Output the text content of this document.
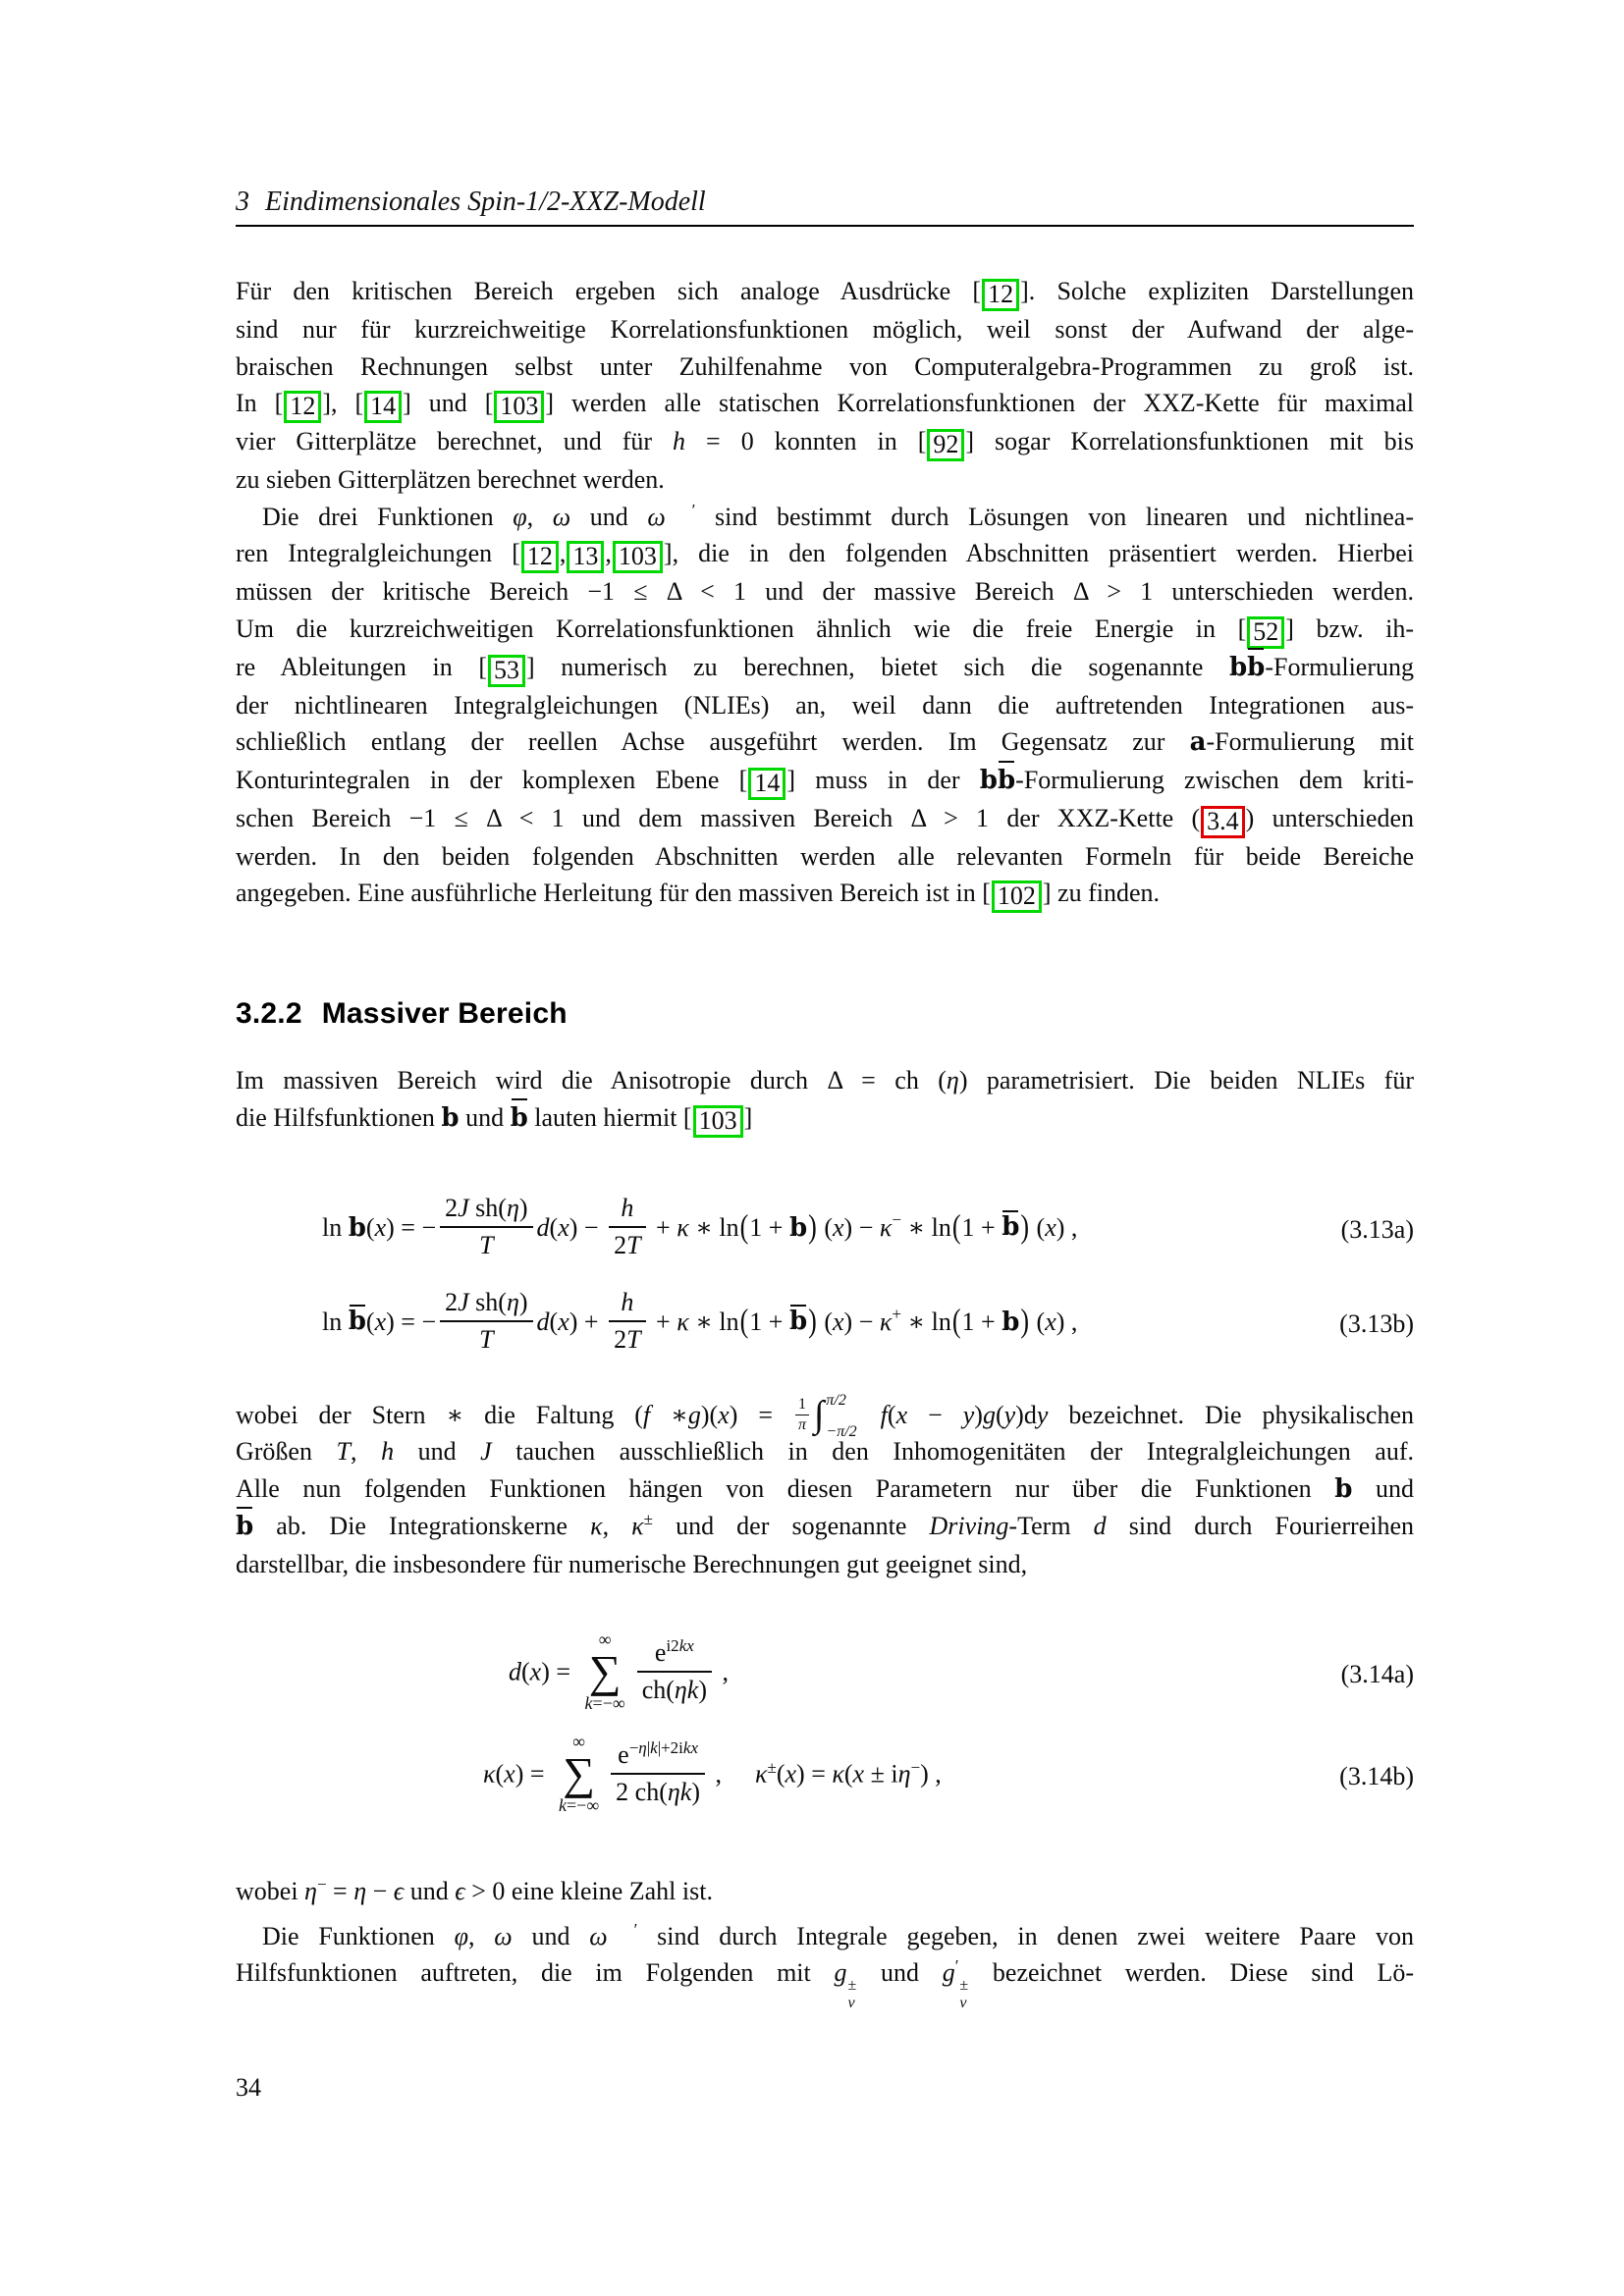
3 Eindimensionales Spin-1/2-XXZ-Modell
Für den kritischen Bereich ergeben sich analoge Ausdrücke [ 12 ]. Solche expliziten Darstellungen
sind nur für kurzreichweitige Korrelationsfunktionen möglich, weil sonst der Aufwand der alge-
braischen Rechnungen selbst unter Zuhilfenahme von Computeralgebra-Programmen zu groß ist.
In [ 12 ], [ 14 ] und [ 103 ] werden alle statischen Korrelationsfunktionen der XXZ-Kette für maximal
vier Gitterplätze berechnet, und für h = 0 konnten in [ 92 ] sogar Korrelationsfunktionen mit bis
zu sieben Gitterplätzen berechnet werden.
Die drei Funktionen φ, ω und ω ′ sind bestimmt durch Lösungen von linearen und nichtlinea-
ren Integralgleichungen [ 12 , 13 , 103 ], die in den folgenden Abschnitten präsentiert werden. Hierbei
müssen der kritische Bereich −1 ≤ Δ < 1 und der massive Bereich Δ > 1 unterschieden werden.
Um die kurzreichweitigen Korrelationsfunktionen ähnlich wie die freie Energie in [ 52 ] bzw. ih-
re Ableitungen in [ 53 ] numerisch zu berechnen, bietet sich die sogenannte bb-Formulierung
der nichtlinearen Integralgleichungen (NLIEs) an, weil dann die auftretenden Integrationen aus-
schließlich entlang der reellen Achse ausgeführt werden. Im Gegensatz zur a-Formulierung mit
Konturintegralen in der komplexen Ebene [ 14 ] muss in der bb-Formulierung zwischen dem kriti-
schen Bereich −1 ≤ Δ < 1 und dem massiven Bereich Δ > 1 der XXZ-Kette ( 3.4 ) unterschieden
werden. In den beiden folgenden Abschnitten werden alle relevanten Formeln für beide Bereiche
angegeben. Eine ausführliche Herleitung für den massiven Bereich ist in [ 102 ] zu finden.
3.2.2 Massiver Bereich
Im massiven Bereich wird die Anisotropie durch Δ = ch (η) parametrisiert. Die beiden NLIEs für
die Hilfsfunktionen b und b lauten hiermit [ 103 ]
ln b(x) = − $\frac{\text{2J sh(η)}}{T} d(x) - \frac{h}{2T} + \kappa$ ∗ ln(1 + b) (x) − κ− ∗ ln(1 + b) (x) ,	(3.13a)
ln b(x) = − $\frac{\text{2J sh(η)}}{T} d(x) + \frac{h}{2T} + \kappa$ ∗ ln(1 + b) (x) − κ+ ∗ ln(1 + b) (x) ,	(3.13b)
wobei der Stern ∗ die Faltung (f ∗g)(x) = $\frac{1}{\pi}$ ∫ π/2
−π/2
f(x − y)g(y)dy bezeichnet. Die physikalischen
Größen T, h und J tauchen ausschließlich in den Inhomogenitäten der Integralgleichungen auf.
Alle nun folgenden Funktionen hängen von diesen Parametern nur über die Funktionen b und
b ab. Die Integrationskerne κ, κ± und der sogenannte Driving-Term d sind durch Fourierreihen
darstellbar, die insbesondere für numerische Berechnungen gut geeignet sind,
d(x) =
∞
∑
$k=-\infty \frac{ei2kx}{ch(\eta k)}$ ,	(3.14a)
κ(x) =
∞
∑
$k=-\infty \frac{\text{e−η|k|+2ikx}}{2 ch(\eta k)}$ , κ±(x) = κ(x ± iη−) ,	(3.14b)
wobei η− = η − ϵ und ϵ > 0 eine kleine Zahl ist.
Die Funktionen φ, ω und ω ′ sind durch Integrale gegeben, in denen zwei weitere Paare von
Hilfsfunktionen auftreten, die im Folgenden mit g ±
ν
und g′
±
ν
bezeichnet werden. Diese sind Lö-
34
